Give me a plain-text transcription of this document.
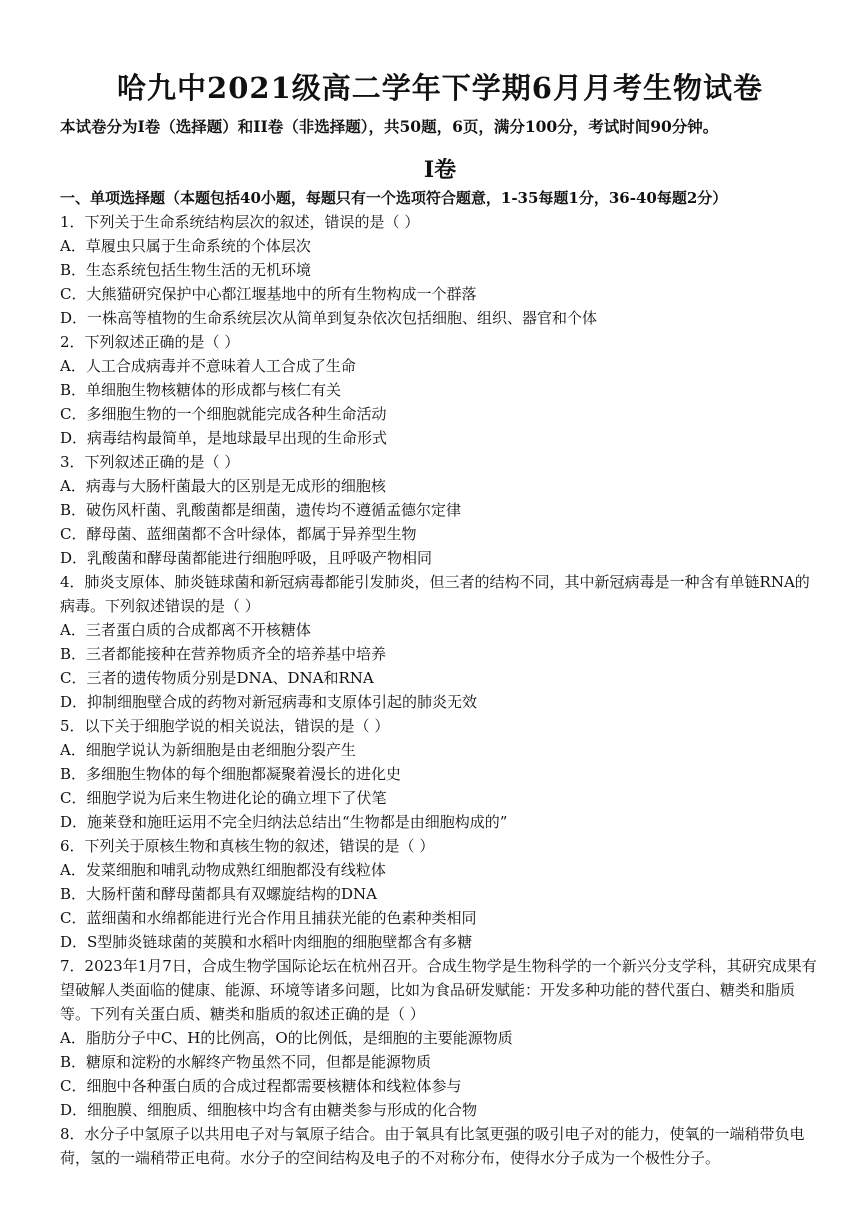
哈九中2021级高二学年下学期6月月考生物试卷

本试卷分为I卷（选择题）和II卷（非选择题），共50题，6页，满分100分，考试时间90分钟。

I卷

一、单项选择题（本题包括40小题，每题只有一个选项符合题意，1-35每题1分，36-40每题2分）

1．下列关于生命系统结构层次的叙述，错误的是（ ）

A．草履虫只属于生命系统的个体层次

B．生态系统包括生物生活的无机环境

C．大熊猫研究保护中心都江堰基地中的所有生物构成一个群落

D．一株高等植物的生命系统层次从简单到复杂依次包括细胞、组织、器官和个体

2．下列叙述正确的是（ ）

A．人工合成病毒并不意味着人工合成了生命

B．单细胞生物核糖体的形成都与核仁有关

C．多细胞生物的一个细胞就能完成各种生命活动

D．病毒结构最简单，是地球最早出现的生命形式

3．下列叙述正确的是（ ）

A．病毒与大肠杆菌最大的区别是无成形的细胞核

B．破伤风杆菌、乳酸菌都是细菌，遗传均不遵循孟德尔定律

C．酵母菌、蓝细菌都不含叶绿体，都属于异养型生物

D．乳酸菌和酵母菌都能进行细胞呼吸，且呼吸产物相同

4．肺炎支原体、肺炎链球菌和新冠病毒都能引发肺炎，但三者的结构不同，其中新冠病毒是一种含有单链RNA的病毒。下列叙述错误的是（ ）

A．三者蛋白质的合成都离不开核糖体

B．三者都能接种在营养物质齐全的培养基中培养

C．三者的遗传物质分别是DNA、DNA和RNA

D．抑制细胞壁合成的药物对新冠病毒和支原体引起的肺炎无效

5．以下关于细胞学说的相关说法，错误的是（ ）

A．细胞学说认为新细胞是由老细胞分裂产生

B．多细胞生物体的每个细胞都凝聚着漫长的进化史

C．细胞学说为后来生物进化论的确立埋下了伏笔

D．施莱登和施旺运用不完全归纳法总结出“生物都是由细胞构成的”

6．下列关于原核生物和真核生物的叙述，错误的是（ ）

A．发菜细胞和哺乳动物成熟红细胞都没有线粒体

B．大肠杆菌和酵母菌都具有双螺旋结构的DNA

C．蓝细菌和水绵都能进行光合作用且捕获光能的色素种类相同

D．S型肺炎链球菌的荚膜和水稻叶肉细胞的细胞壁都含有多糖

7．2023年1月7日，合成生物学国际论坛在杭州召开。合成生物学是生物科学的一个新兴分支学科，其研究成果有望破解人类面临的健康、能源、环境等诸多问题，比如为食品研发赋能：开发多种功能的替代蛋白、糖类和脂质等。下列有关蛋白质、糖类和脂质的叙述正确的是（ ）

A．脂肪分子中C、H的比例高，O的比例低，是细胞的主要能源物质

B．糖原和淀粉的水解终产物虽然不同，但都是能源物质

C．细胞中各种蛋白质的合成过程都需要核糖体和线粒体参与

D．细胞膜、细胞质、细胞核中均含有由糖类参与形成的化合物

8．水分子中氢原子以共用电子对与氧原子结合。由于氧具有比氢更强的吸引电子对的能力，使氧的一端稍带负电荷，氢的一端稍带正电荷。水分子的空间结构及电子的不对称分布，使得水分子成为一个极性分子。
